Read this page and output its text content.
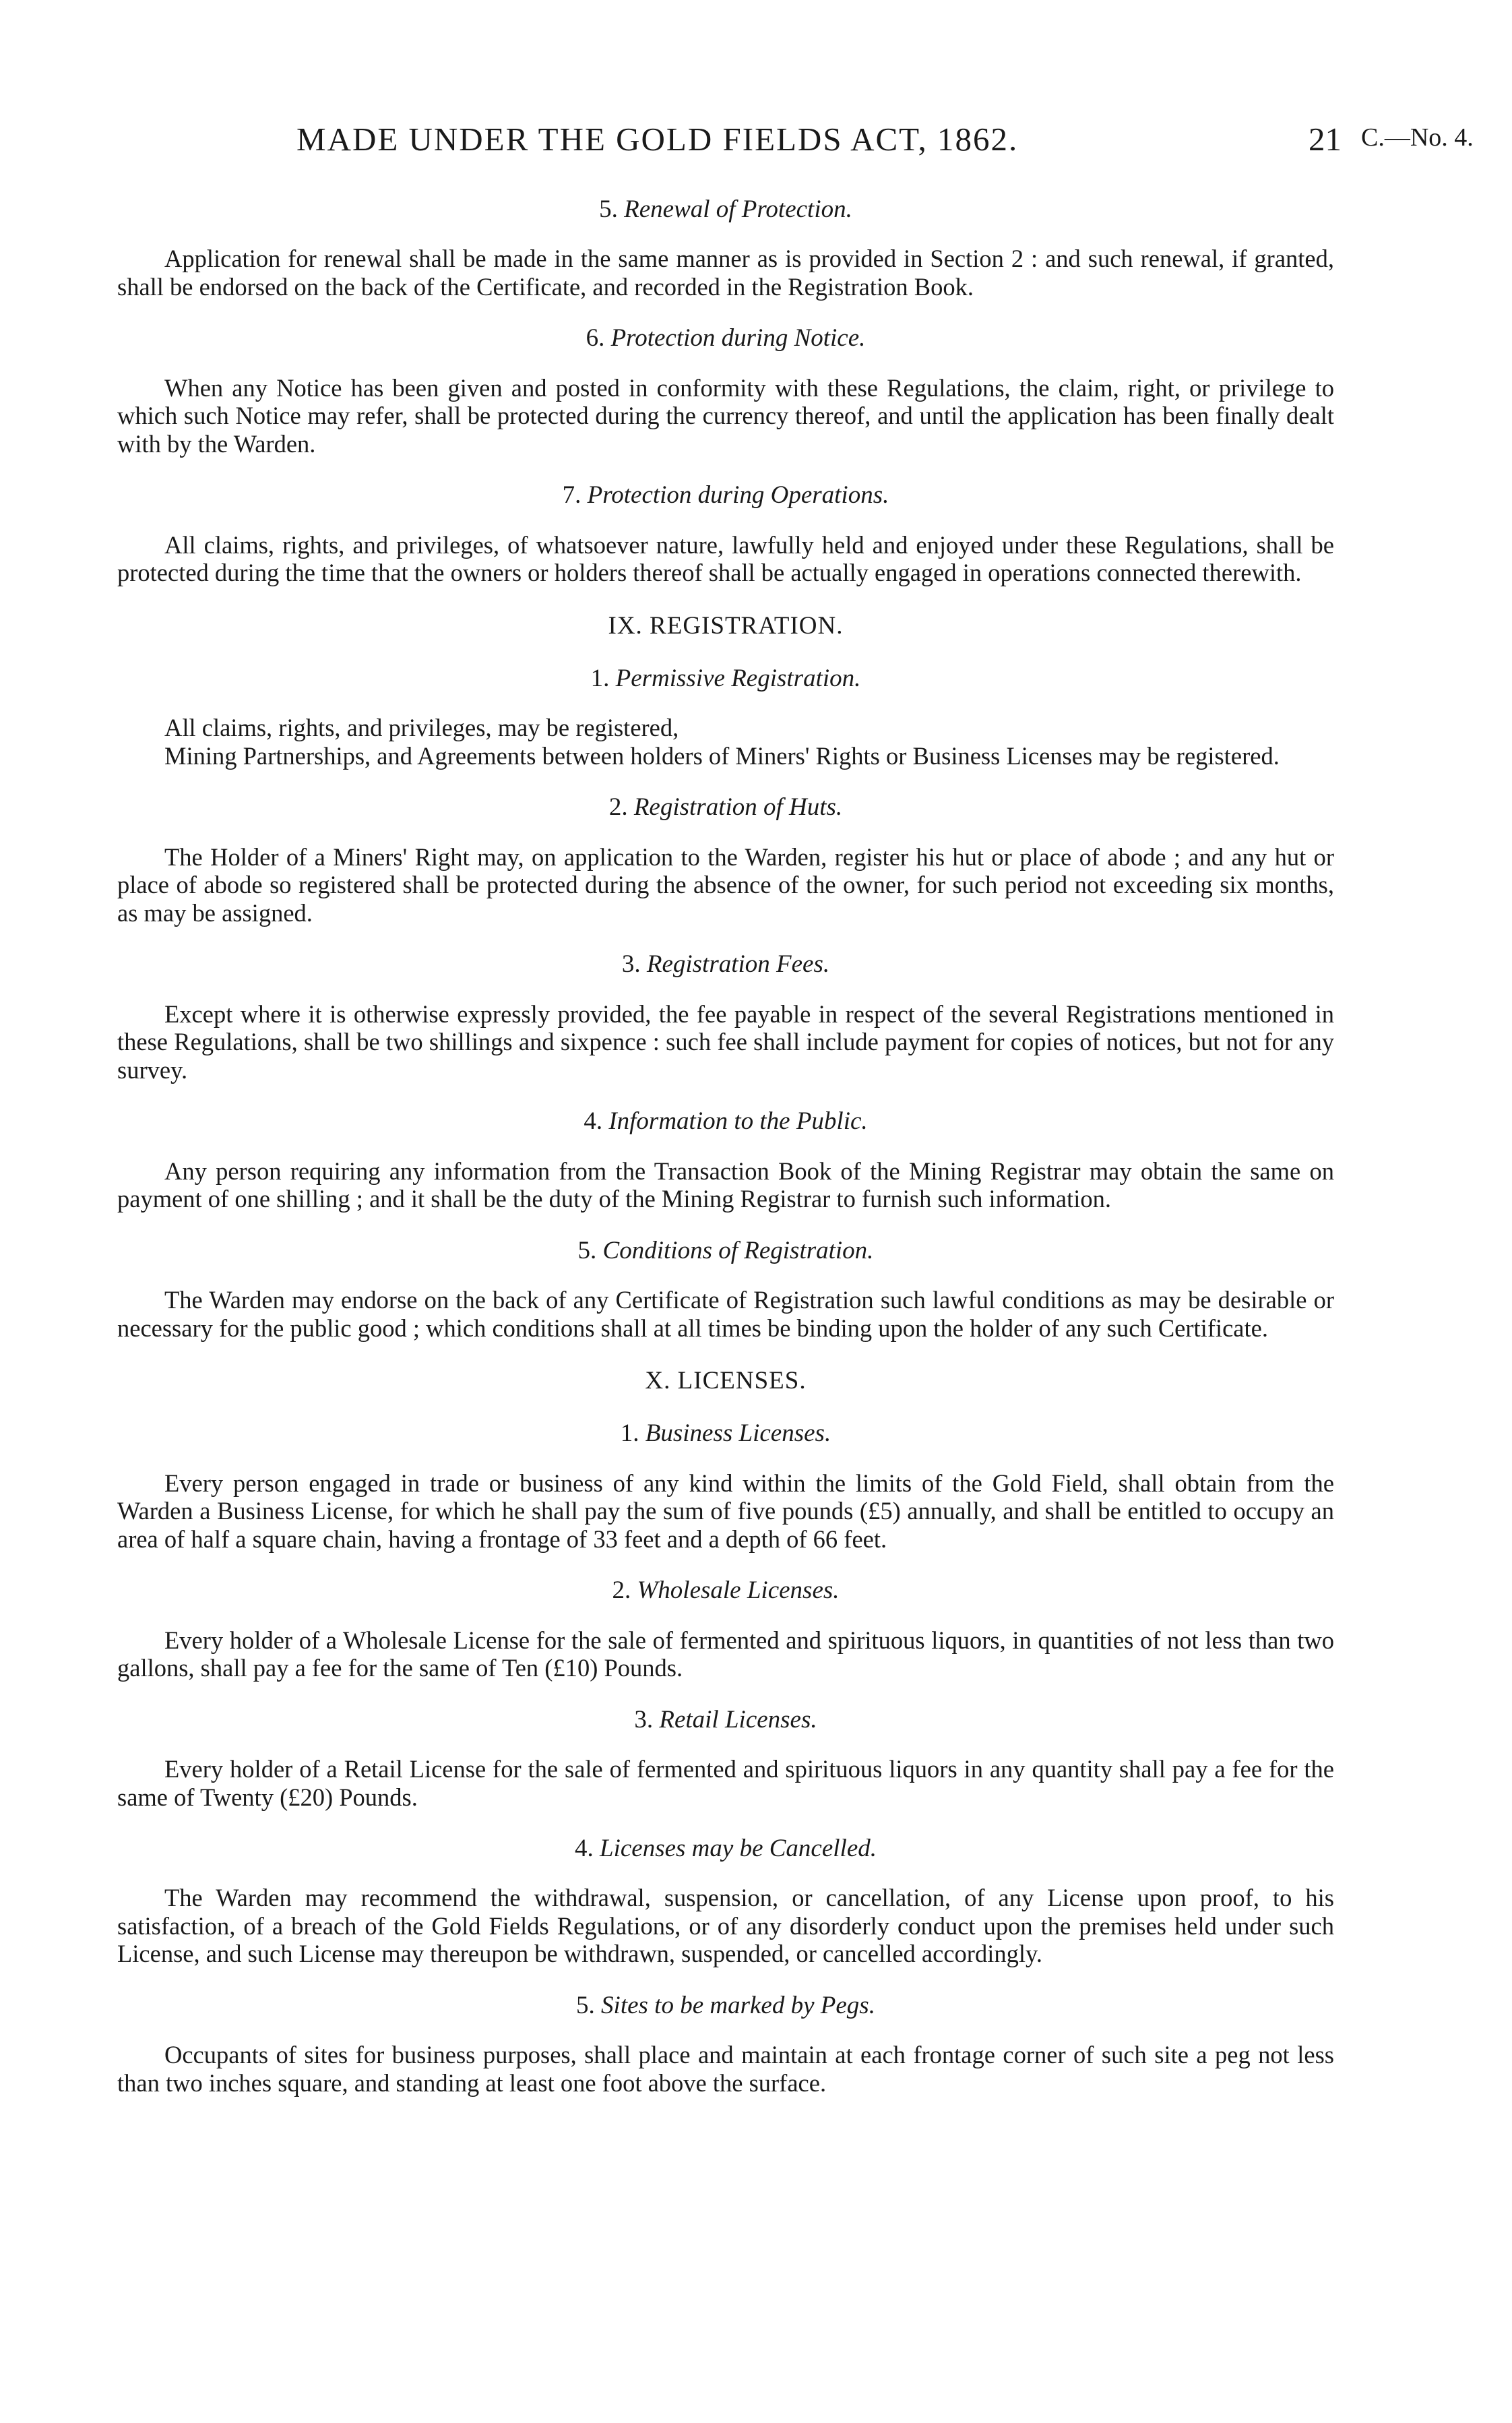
MADE UNDER THE GOLD FIELDS ACT, 1862.	21 C.—No. 4.
5. Renewal of Protection.

Application for renewal shall be made in the same manner as is provided in Section 2 : and such renewal, if granted, shall be endorsed on the back of the Certificate, and recorded in the Registration Book.

6. Protection during Notice.

When any Notice has been given and posted in conformity with these Regulations, the claim, right, or privilege to which such Notice may refer, shall be protected during the currency thereof, and until the application has been finally dealt with by the Warden.

7. Protection during Operations.

All claims, rights, and privileges, of whatsoever nature, lawfully held and enjoyed under these Regulations, shall be protected during the time that the owners or holders thereof shall be actually engaged in operations connected therewith.

IX. REGISTRATION.
1. Permissive Registration.

All claims, rights, and privileges, may be registered,

Mining Partnerships, and Agreements between holders of Miners' Rights or Business Licenses may be registered.

2. Registration of Huts.

The Holder of a Miners' Right may, on application to the Warden, register his hut or place of abode ; and any hut or place of abode so registered shall be protected during the absence of the owner, for such period not exceeding six months, as may be assigned.

3. Registration Fees.

Except where it is otherwise expressly provided, the fee payable in respect of the several Registrations mentioned in these Regulations, shall be two shillings and sixpence : such fee shall include payment for copies of notices, but not for any survey.

4. Information to the Public.

Any person requiring any information from the Transaction Book of the Mining Registrar may obtain the same on payment of one shilling ; and it shall be the duty of the Mining Registrar to furnish such information.

5. Conditions of Registration.

The Warden may endorse on the back of any Certificate of Registration such lawful conditions as may be desirable or necessary for the public good ; which conditions shall at all times be binding upon the holder of any such Certificate.

X. LICENSES.
1. Business Licenses.

Every person engaged in trade or business of any kind within the limits of the Gold Field, shall obtain from the Warden a Business License, for which he shall pay the sum of five pounds (£5) annually, and shall be entitled to occupy an area of half a square chain, having a frontage of 33 feet and a depth of 66 feet.

2. Wholesale Licenses.

Every holder of a Wholesale License for the sale of fermented and spirituous liquors, in quantities of not less than two gallons, shall pay a fee for the same of Ten (£10) Pounds.

3. Retail Licenses.

Every holder of a Retail License for the sale of fermented and spirituous liquors in any quantity shall pay a fee for the same of Twenty (£20) Pounds.

4. Licenses may be Cancelled.

The Warden may recommend the withdrawal, suspension, or cancellation, of any License upon proof, to his satisfaction, of a breach of the Gold Fields Regulations, or of any disorderly conduct upon the premises held under such License, and such License may thereupon be withdrawn, suspended, or cancelled accordingly.

5. Sites to be marked by Pegs.

Occupants of sites for business purposes, shall place and maintain at each frontage corner of such site a peg not less than two inches square, and standing at least one foot above the surface.
